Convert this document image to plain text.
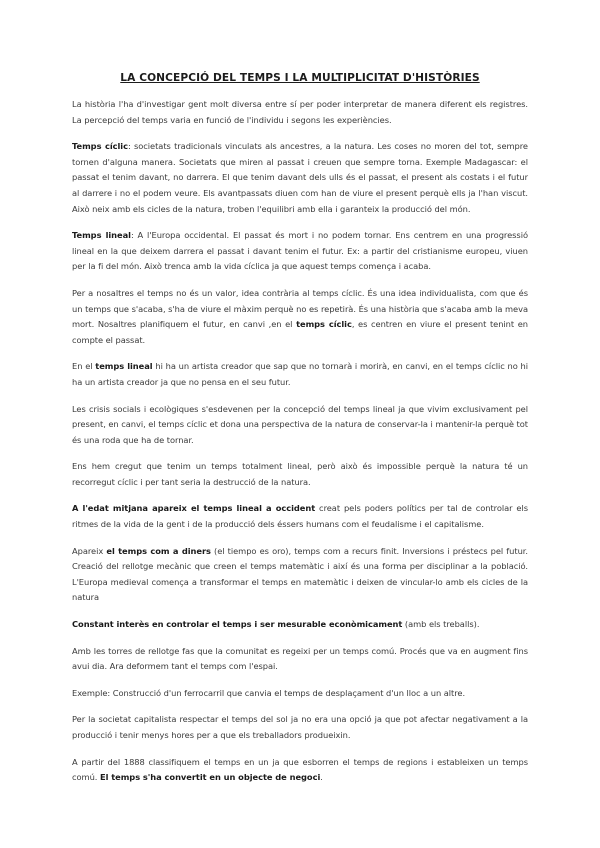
LA CONCEPCIÓ DEL TEMPS I LA MULTIPLICITAT D'HISTÒRIES

La història l'ha d'investigar gent molt diversa entre sí per poder interpretar de manera diferent els registres. La percepció del temps varia en funció de l'individu i segons les experiències.

Temps cíclic: societats tradicionals vinculats als ancestres, a la natura. Les coses no moren del tot, sempre tornen d'alguna manera. Societats que miren al passat i creuen que sempre torna. Exemple Madagascar: el passat el tenim davant, no darrera. El que tenim davant dels ulls és el passat, el present als costats i el futur al darrere i no el podem veure. Els avantpassats diuen com han de viure el present perquè ells ja l'han viscut. Això neix amb els cicles de la natura, troben l'equilibri amb ella i garanteix la producció del món.

Temps lineal: A l'Europa occidental. El passat és mort i no podem tornar. Ens centrem en una progressió lineal en la que deixem darrera el passat i davant tenim el futur. Ex: a partir del cristianisme europeu, viuen per la fi del món. Això trenca amb la vida cíclica ja que aquest temps comença i acaba.

Per a nosaltres el temps no és un valor, idea contrària al temps cíclic. És una idea individualista, com que és un temps que s'acaba, s'ha de viure el màxim perquè no es repetirà. És una història que s'acaba amb la meva mort. Nosaltres planifiquem el futur, en canvi ,en el temps cíclic, es centren en viure el present tenint en compte el passat.

En el temps lineal hi ha un artista creador que sap que no tornarà i morirà, en canvi, en el temps cíclic no hi ha un artista creador ja que no pensa en el seu futur.

Les crisis socials i ecològiques s'esdevenen per la concepció del temps lineal ja que vivim exclusivament pel present, en canvi, el temps cíclic et dona una perspectiva de la natura de conservar-la i mantenir-la perquè tot és una roda que ha de tornar.

Ens hem cregut que tenim un temps totalment lineal, però això és impossible perquè la natura té un recorregut cíclic i per tant seria la destrucció de la natura.

A l'edat mitjana apareix el temps lineal a occident creat pels poders polítics per tal de controlar els ritmes de la vida de la gent i de la producció dels éssers humans com el feudalisme i el capitalisme.

Apareix el temps com a diners (el tiempo es oro), temps com a recurs finit. Inversions i préstecs pel futur. Creació del rellotge mecànic que creen el temps matemàtic i així és una forma per disciplinar a la població. L'Europa medieval comença a transformar el temps en matemàtic i deixen de vincular-lo amb els cicles de la natura

Constant interès en controlar el temps i ser mesurable econòmicament (amb els treballs).

Amb les torres de rellotge fas que la comunitat es regeixi per un temps comú. Procés que va en augment fins avui dia. Ara deformem tant el temps com l'espai.

Exemple: Construcció d'un ferrocarril que canvia el temps de desplaçament d'un lloc a un altre.

Per la societat capitalista respectar el temps del sol ja no era una opció ja que pot afectar negativament a la producció i tenir menys hores per a que els treballadors produeixin.

A partir del 1888 classifiquem el temps en un ja que esborren el temps de regions i estableixen un temps comú. El temps s'ha convertit en un objecte de negoci.
